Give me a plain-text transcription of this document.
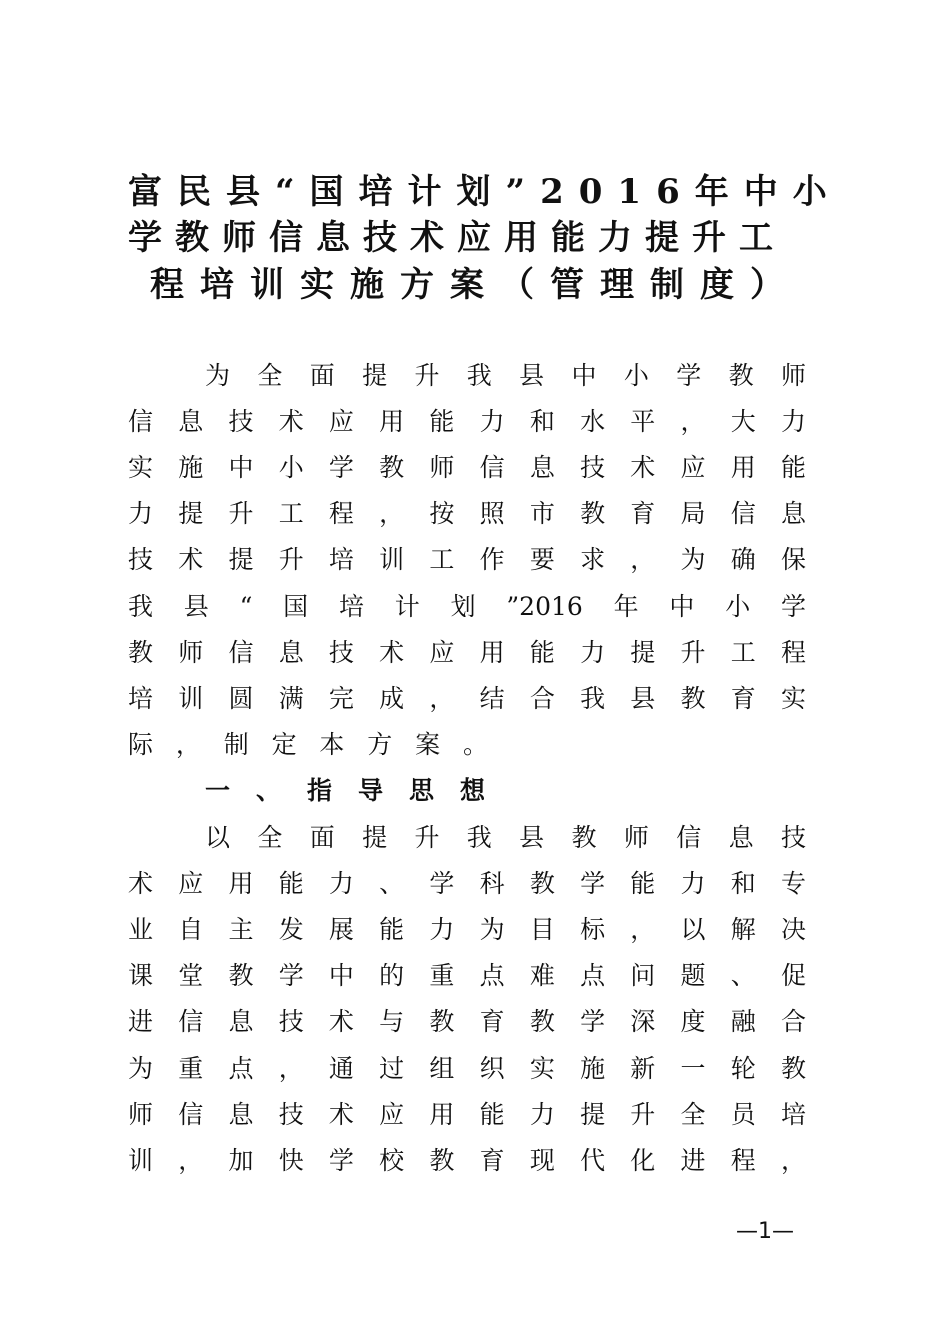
富民县“国培计划”2016年中小
学教师信息技术应用能力提升工
程培训实施方案（管理制度）
为全面提升我县中小学教师
信息技术应用能力和水平，大力
实施中小学教师信息技术应用能
力提升工程，按照市教育局信息
技术提升培训工作要求，为确保
我县“国培计划”2016年中小学
教师信息技术应用能力提升工程
培训圆满完成，结合我县教育实
际，制定本方案。
一、指导思想
以全面提升我县教师信息技
术应用能力、学科教学能力和专
业自主发展能力为目标，以解决
课堂教学中的重点难点问题、促
进信息技术与教育教学深度融合
为重点，通过组织实施新一轮教
师信息技术应用能力提升全员培
训，加快学校教育现代化进程，
—1—
